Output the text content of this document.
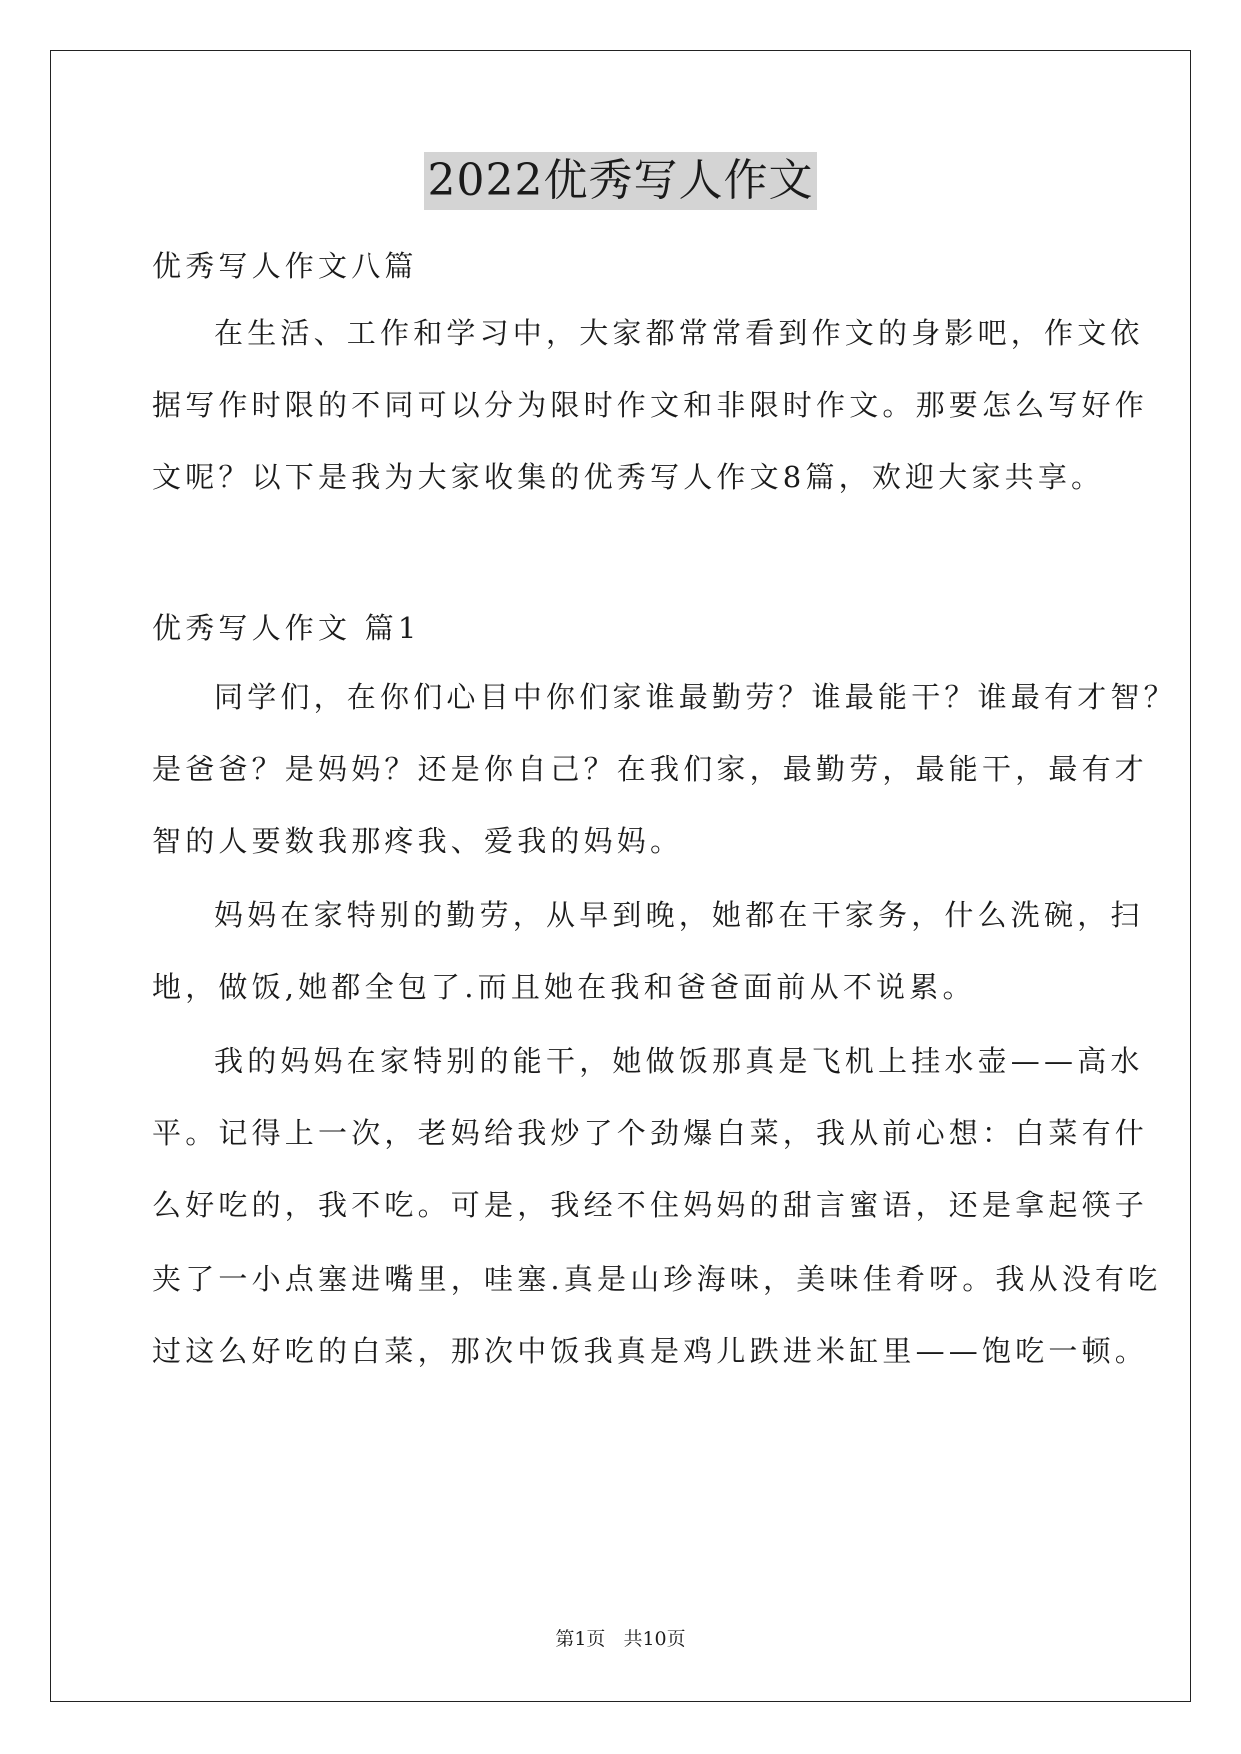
2022优秀写人作文
优秀写人作文八篇
在生活、工作和学习中，大家都常常看到作文的身影吧，作文依
据写作时限的不同可以分为限时作文和非限时作文。那要怎么写好作
文呢？以下是我为大家收集的优秀写人作文8篇，欢迎大家共享。
优秀写人作文 篇1
同学们，在你们心目中你们家谁最勤劳？谁最能干？谁最有才智？
是爸爸？是妈妈？还是你自己？在我们家，最勤劳，最能干，最有才
智的人要数我那疼我、爱我的妈妈。
妈妈在家特别的勤劳，从早到晚，她都在干家务，什么洗碗，扫
地，做饭,她都全包了.而且她在我和爸爸面前从不说累。
我的妈妈在家特别的能干，她做饭那真是飞机上挂水壶——高水
平。记得上一次，老妈给我炒了个劲爆白菜，我从前心想：白菜有什
么好吃的，我不吃。可是，我经不住妈妈的甜言蜜语，还是拿起筷子
夹了一小点塞进嘴里，哇塞.真是山珍海味，美味佳肴呀。我从没有吃
过这么好吃的白菜，那次中饭我真是鸡儿跌进米缸里——饱吃一顿。
第1页 共10页
